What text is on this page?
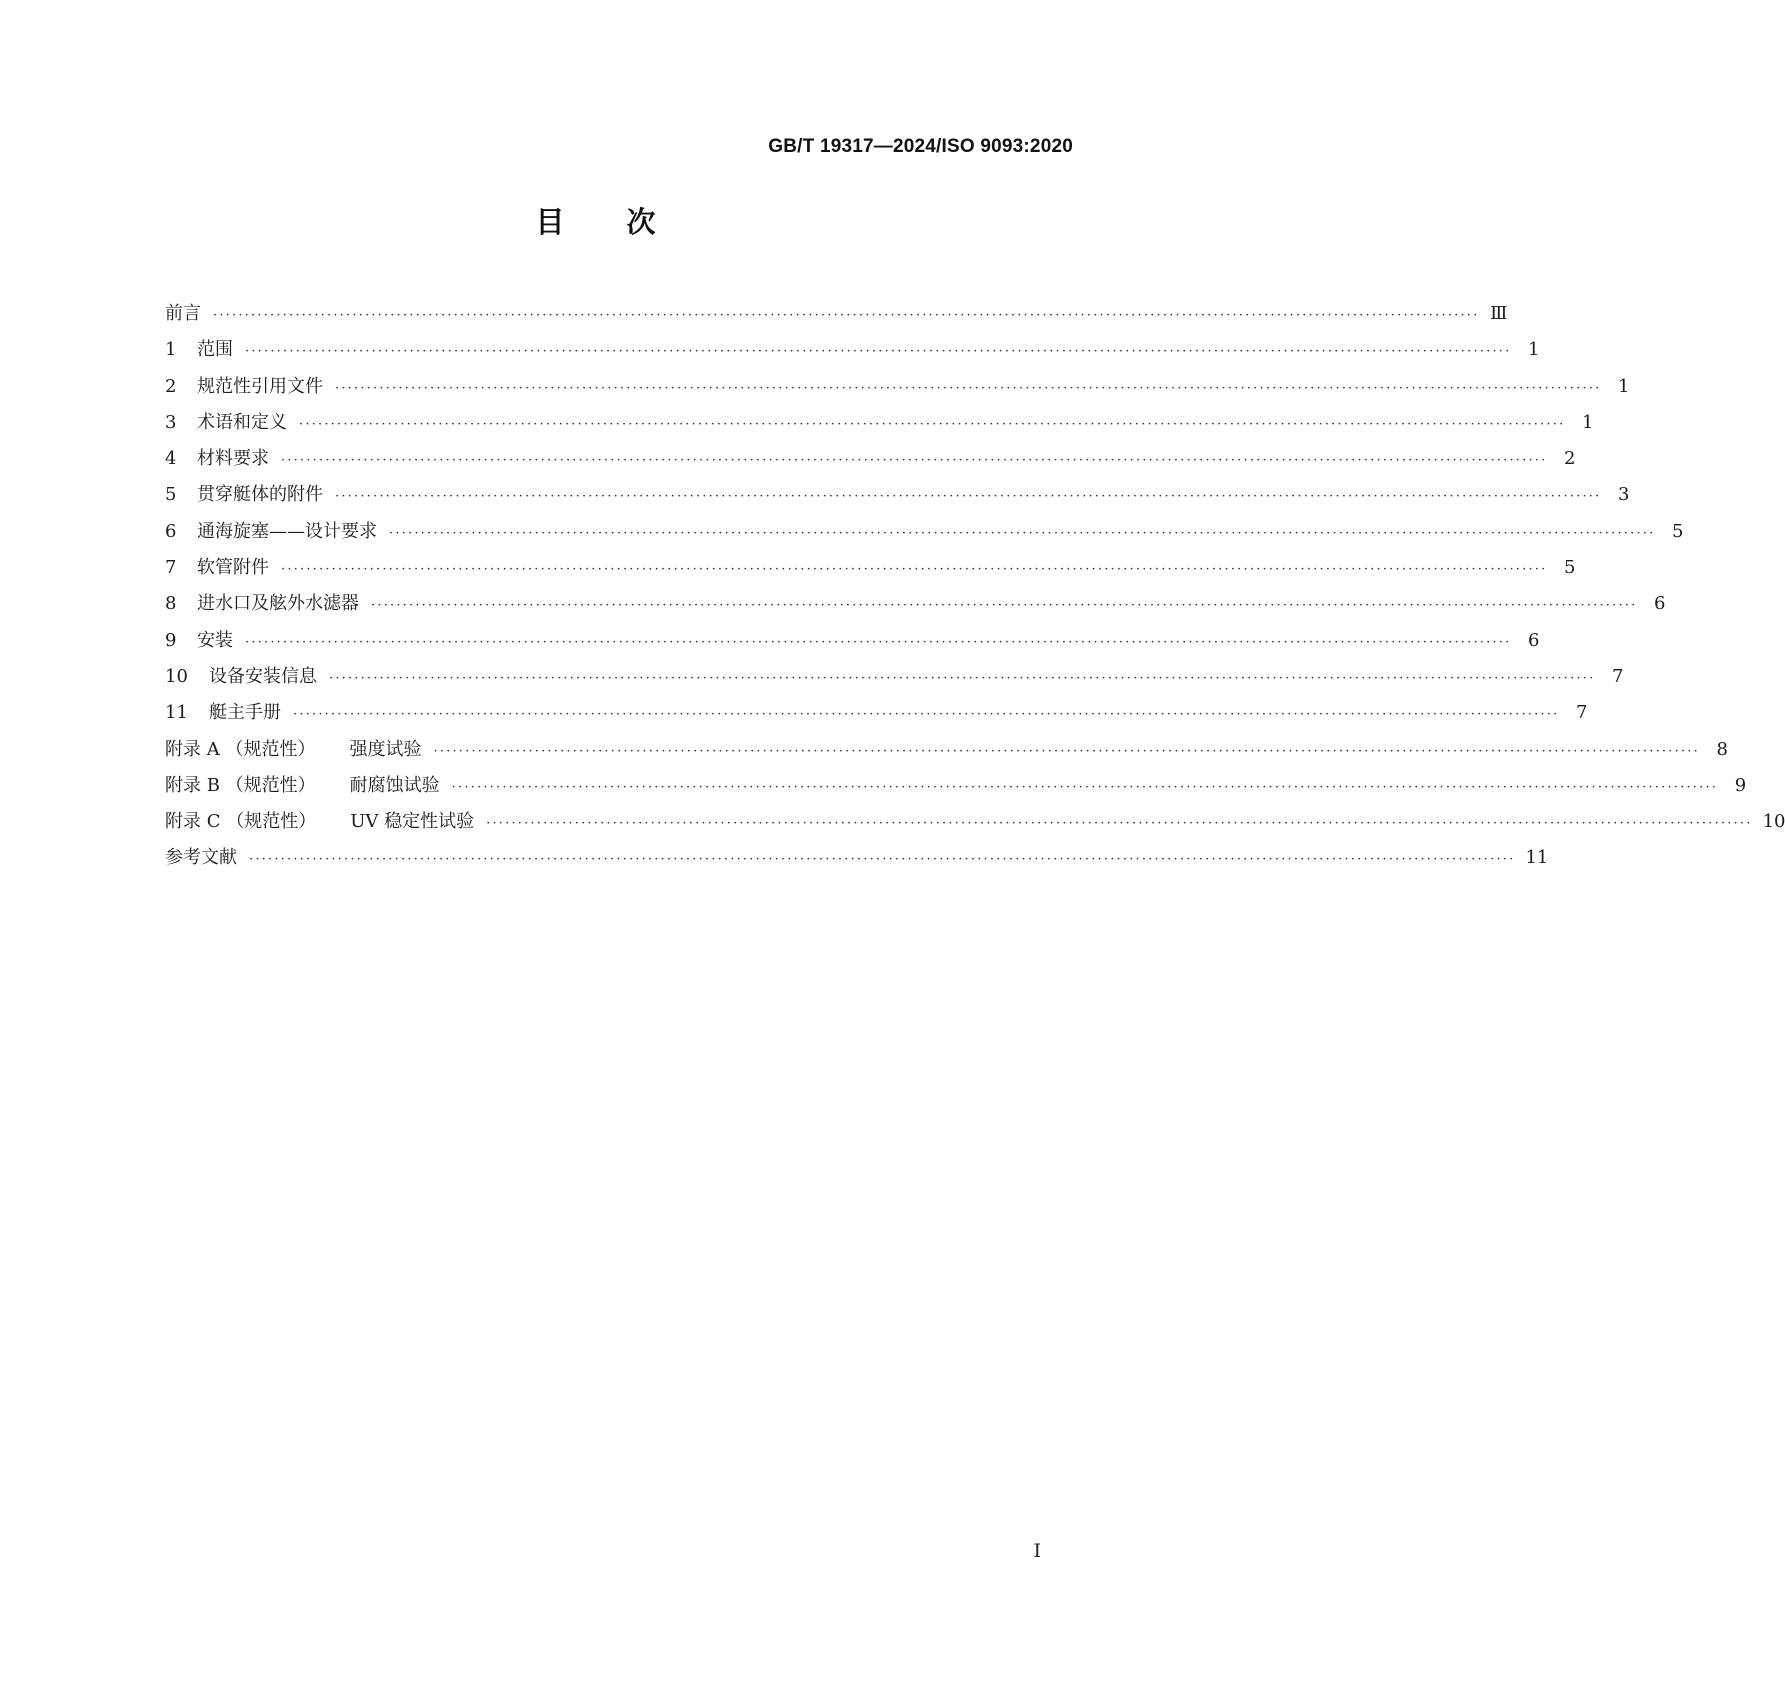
GB/T 19317—2024/ISO 9093:2020
目 次
前言 ········································································································································································································ Ⅲ
1	范围 ········································································································································································································ 1
2	规范性引用文件 ········································································································································································································ 1
3	术语和定义 ········································································································································································································ 1
4	材料要求 ········································································································································································································ 2
5	贯穿艇体的附件 ········································································································································································································ 3
6	通海旋塞——设计要求 ········································································································································································································ 5
7	软管附件 ········································································································································································································ 5
8	进水口及舷外水滤器 ········································································································································································································ 6
9	安装 ········································································································································································································ 6
10	设备安装信息 ········································································································································································································ 7
11	艇主手册 ········································································································································································································ 7
附录 A （规范性） 强度试验 ········································································································································································································ 8
附录 B （规范性） 耐腐蚀试验 ········································································································································································································ 9
附录 C （规范性） UV 稳定性试验 ········································································································································································································ 10
参考文献 ········································································································································································································ 11
I
